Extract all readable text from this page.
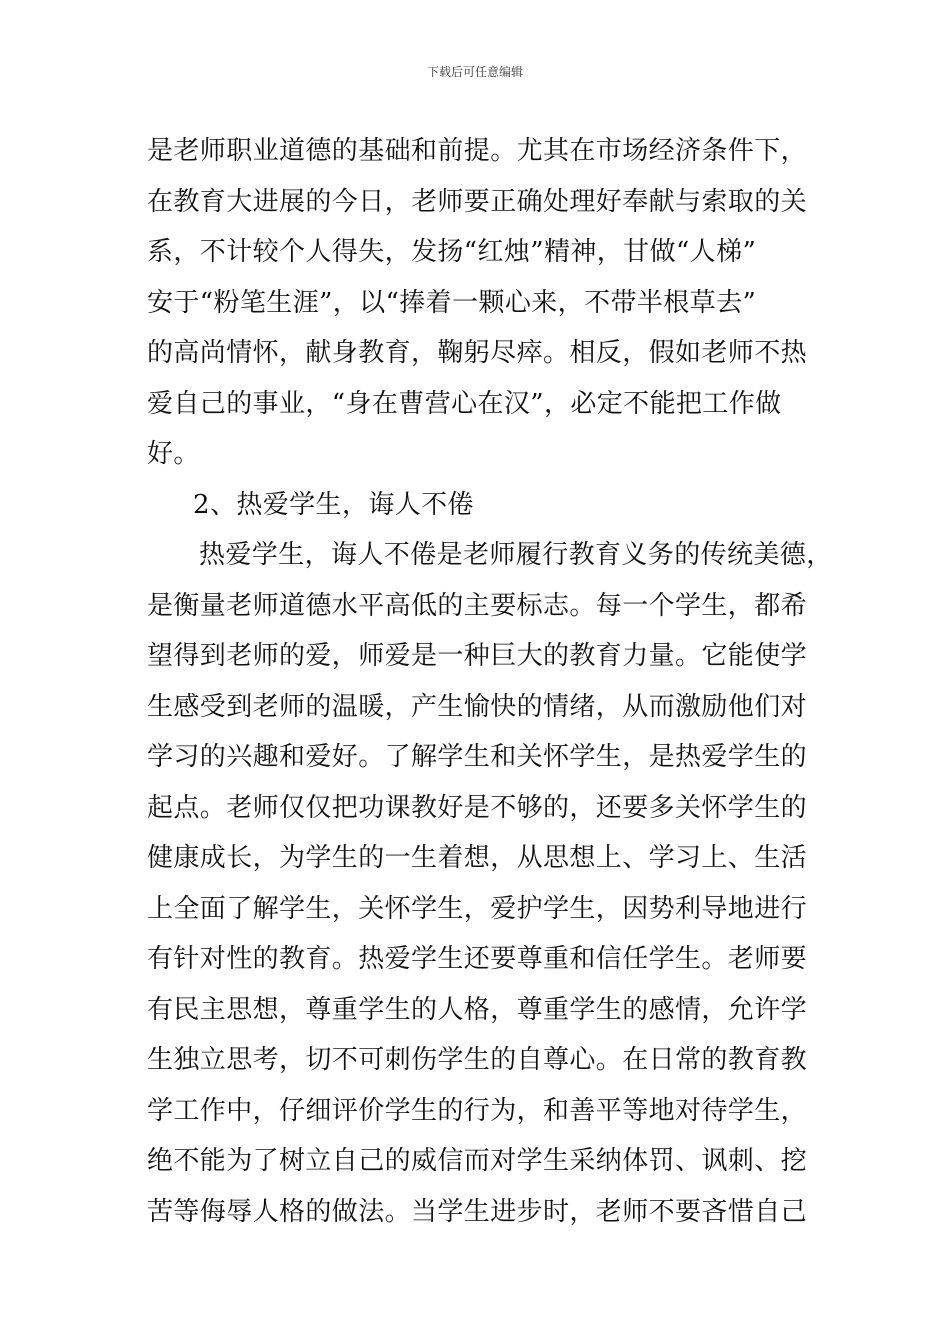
下载后可任意编辑
是老师职业道德的基础和前提。尤其在市场经济条件下，
在教育大进展的今日，老师要正确处理好奉献与索取的关
系，不计较个人得失，发扬“红烛”精神，甘做“人梯”
安于“粉笔生涯”，以“捧着一颗心来，不带半根草去”
的高尚情怀，献身教育，鞠躬尽瘁。相反，假如老师不热
爱自己的事业，“身在曹营心在汉”，必定不能把工作做
好。
2、热爱学生，诲人不倦
热爱学生，诲人不倦是老师履行教育义务的传统美德，
是衡量老师道德水平高低的主要标志。每一个学生，都希
望得到老师的爱，师爱是一种巨大的教育力量。它能使学
生感受到老师的温暖，产生愉快的情绪，从而激励他们对
学习的兴趣和爱好。了解学生和关怀学生，是热爱学生的
起点。老师仅仅把功课教好是不够的，还要多关怀学生的
健康成长，为学生的一生着想，从思想上、学习上、生活
上全面了解学生，关怀学生，爱护学生，因势利导地进行
有针对性的教育。热爱学生还要尊重和信任学生。老师要
有民主思想，尊重学生的人格，尊重学生的感情，允许学
生独立思考，切不可刺伤学生的自尊心。在日常的教育教
学工作中，仔细评价学生的行为，和善平等地对待学生，
绝不能为了树立自己的威信而对学生采纳体罚、讽刺、挖
苦等侮辱人格的做法。当学生进步时，老师不要吝惜自己
